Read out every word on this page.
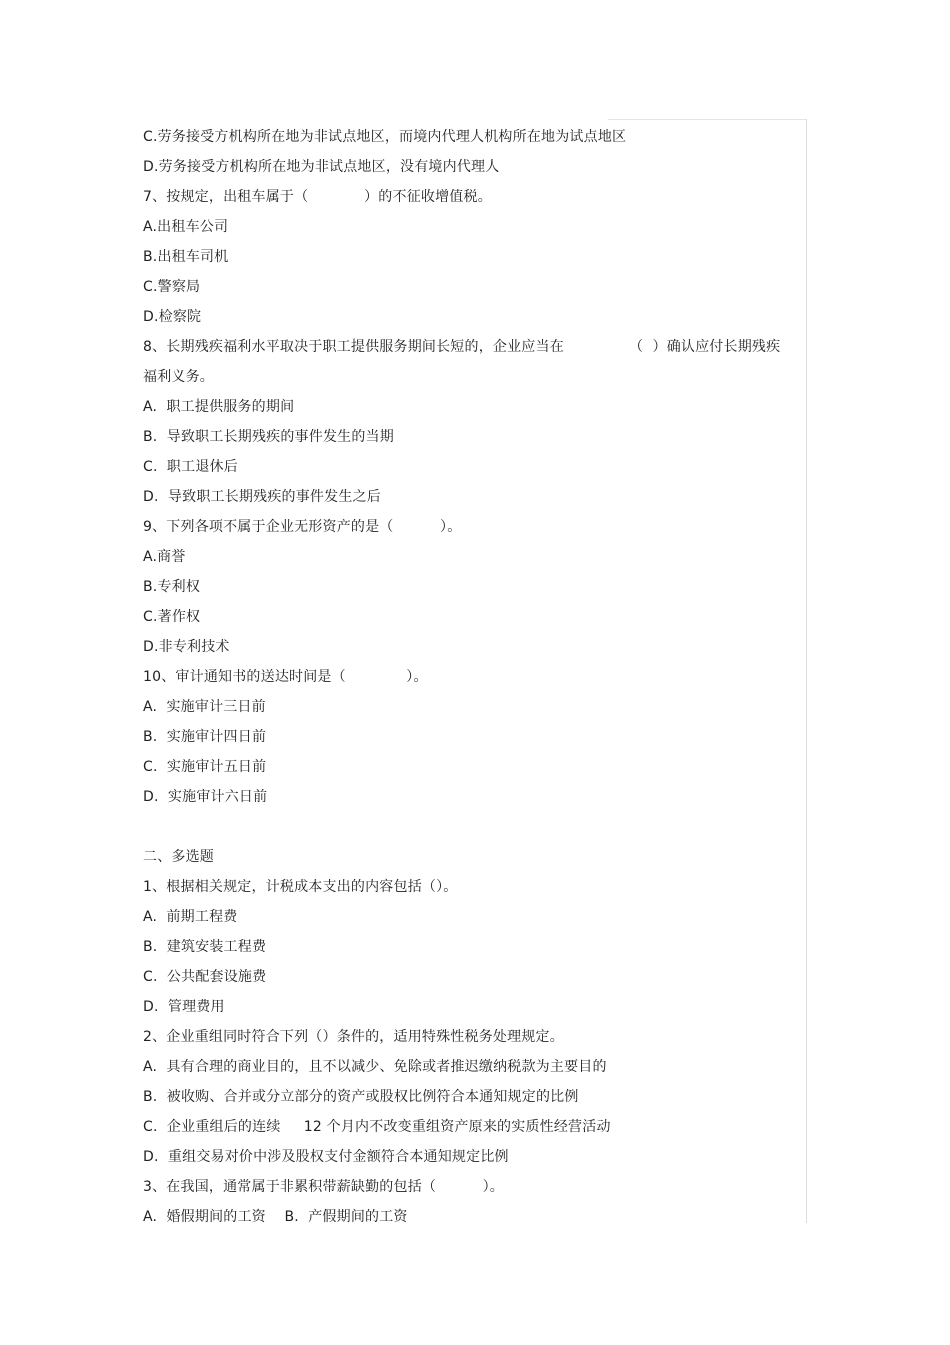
C.劳务接受方机构所在地为非试点地区，而境内代理人机构所在地为试点地区
D.劳务接受方机构所在地为非试点地区，没有境内代理人
7、按规定，出租车属于（            ）的不征收增值税。
A.出租车公司
B.出租车司机
C.警察局
D.检察院
8、长期残疾福利水平取决于职工提供服务期间长短的，企业应当在              （  ）确认应付长期残疾
福利义务。
A.  职工提供服务的期间
B.  导致职工长期残疾的事件发生的当期
C.  职工退休后
D.  导致职工长期残疾的事件发生之后
9、下列各项不属于企业无形资产的是（          ）。
A.商誉
B.专利权
C.著作权
D.非专利技术
10、审计通知书的送达时间是（             ）。
A.  实施审计三日前
B.  实施审计四日前
C.  实施审计五日前
D.  实施审计六日前
二、多选题
1、根据相关规定，计税成本支出的内容包括（）。
A.  前期工程费
B.  建筑安装工程费
C.  公共配套设施费
D.  管理费用
2、企业重组同时符合下列（）条件的，适用特殊性税务处理规定。
A.  具有合理的商业目的，且不以减少、免除或者推迟缴纳税款为主要目的
B.  被收购、合并或分立部分的资产或股权比例符合本通知规定的比例
C.  企业重组后的连续     12 个月内不改变重组资产原来的实质性经营活动
D.  重组交易对价中涉及股权支付金额符合本通知规定比例
3、在我国，通常属于非累积带薪缺勤的包括（          ）。
A.  婚假期间的工资    B.  产假期间的工资
